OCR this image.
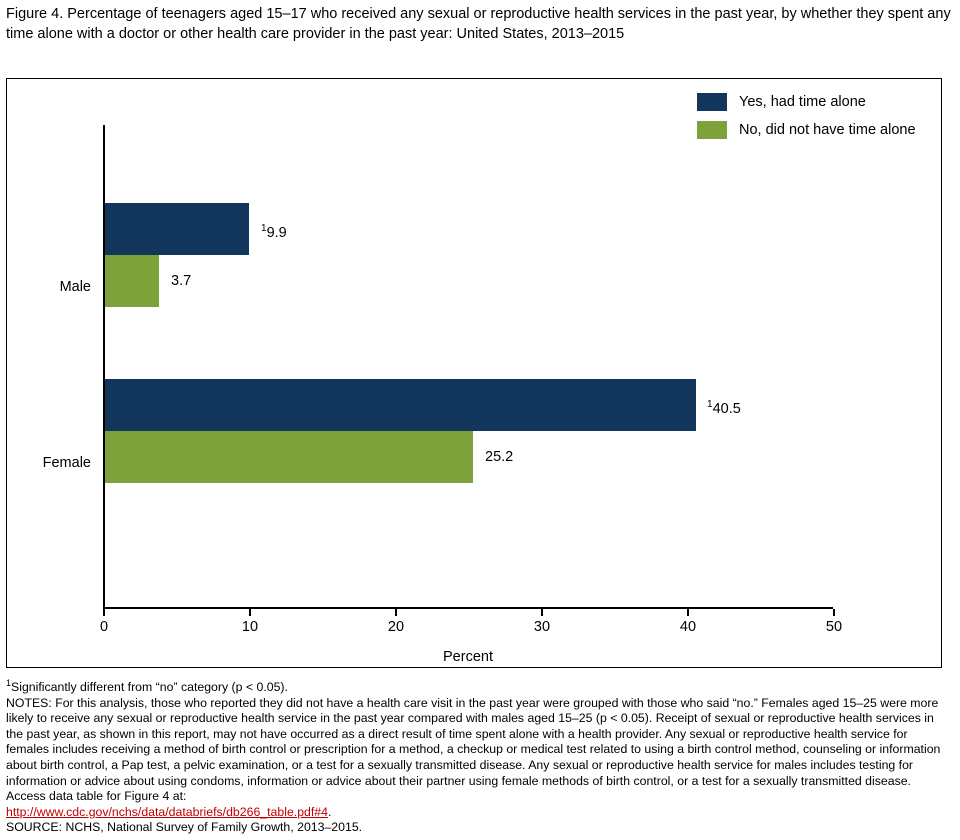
Figure 4. Percentage of teenagers aged 15–17 who received any sexual or reproductive health services in the past year, by whether they spent any time alone with a doctor or other health care provider in the past year: United States, 2013–2015
Yes, had time alone
No, did not have time alone
Male
$^1$9.9
3.7
Female
$^1$40.5
25.2
0	10	20	30	40	50
Percent

$^1$Significantly different from “no” category (p < 0.05).

NOTES: For this analysis, those who reported they did not have a health care visit in the past year were grouped with those who said “no.” Females aged 15–25 were more likely to receive any sexual or reproductive health service in the past year compared with males aged 15–25 (p < 0.05). Receipt of sexual or reproductive health services in the past year, as shown in this report, may not have occurred as a direct result of time spent alone with a health provider. Any sexual or reproductive health service for females includes receiving a method of birth control or prescription for a method, a checkup or medical test related to using a birth control method, counseling or information about birth control, a Pap test, a pelvic examination, or a test for a sexually transmitted disease. Any sexual or reproductive health service for males includes testing for information or advice about using condoms, information or advice about their partner using female methods of birth control, or a test for a sexually transmitted disease. Access data table for Figure 4 at:

http://www.cdc.gov/nchs/data/databriefs/db266_table.pdf#4.

SOURCE: NCHS, National Survey of Family Growth, 2013–2015.
